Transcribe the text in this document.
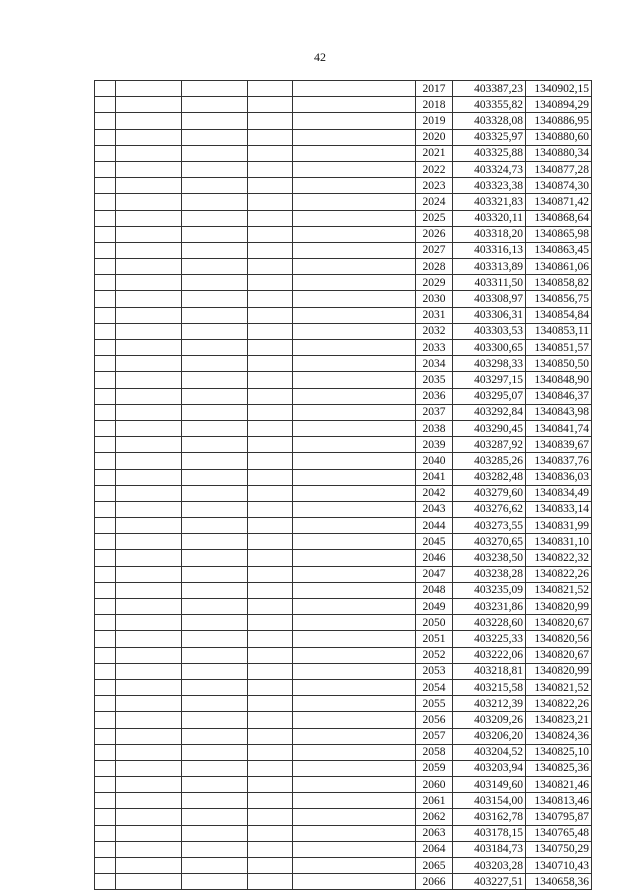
42
					2017	403387,23	1340902,15
					2018	403355,82	1340894,29
					2019	403328,08	1340886,95
					2020	403325,97	1340880,60
					2021	403325,88	1340880,34
					2022	403324,73	1340877,28
					2023	403323,38	1340874,30
					2024	403321,83	1340871,42
					2025	403320,11	1340868,64
					2026	403318,20	1340865,98
					2027	403316,13	1340863,45
					2028	403313,89	1340861,06
					2029	403311,50	1340858,82
					2030	403308,97	1340856,75
					2031	403306,31	1340854,84
					2032	403303,53	1340853,11
					2033	403300,65	1340851,57
					2034	403298,33	1340850,50
					2035	403297,15	1340848,90
					2036	403295,07	1340846,37
					2037	403292,84	1340843,98
					2038	403290,45	1340841,74
					2039	403287,92	1340839,67
					2040	403285,26	1340837,76
					2041	403282,48	1340836,03
					2042	403279,60	1340834,49
					2043	403276,62	1340833,14
					2044	403273,55	1340831,99
					2045	403270,65	1340831,10
					2046	403238,50	1340822,32
					2047	403238,28	1340822,26
					2048	403235,09	1340821,52
					2049	403231,86	1340820,99
					2050	403228,60	1340820,67
					2051	403225,33	1340820,56
					2052	403222,06	1340820,67
					2053	403218,81	1340820,99
					2054	403215,58	1340821,52
					2055	403212,39	1340822,26
					2056	403209,26	1340823,21
					2057	403206,20	1340824,36
					2058	403204,52	1340825,10
					2059	403203,94	1340825,36
					2060	403149,60	1340821,46
					2061	403154,00	1340813,46
					2062	403162,78	1340795,87
					2063	403178,15	1340765,48
					2064	403184,73	1340750,29
					2065	403203,28	1340710,43
					2066	403227,51	1340658,36
